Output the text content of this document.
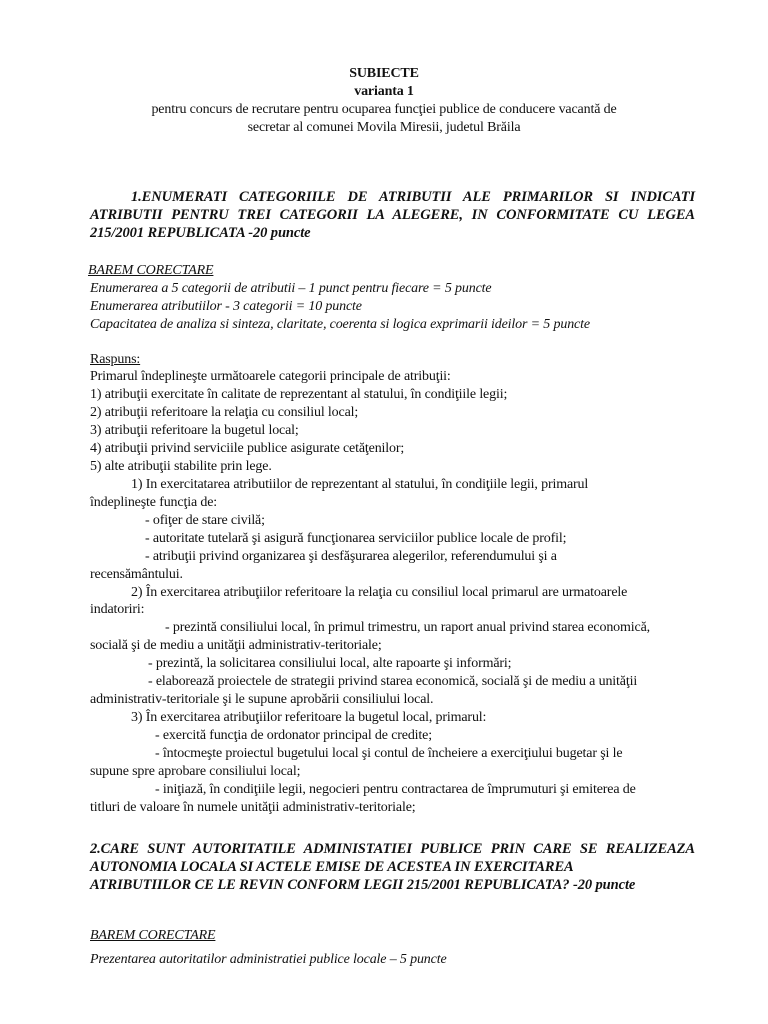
SUBIECTE
varianta 1
pentru concurs de recrutare pentru ocuparea funcţiei publice de conducere vacantă de
secretar al comunei Movila Miresii, judetul Brăila
1.ENUMERATI CATEGORIILE DE ATRIBUTII ALE PRIMARILOR SI INDICATI
ATRIBUTII PENTRU TREI CATEGORII LA ALEGERE, IN CONFORMITATE CU LEGEA
215/2001 REPUBLICATA -20 puncte
BAREM CORECTARE
Enumerarea a 5 categorii de atributii – 1 punct pentru fiecare = 5 puncte
Enumerarea atributiilor - 3 categorii = 10 puncte
Capacitatea de analiza si sinteza, claritate, coerenta si logica exprimarii ideilor = 5 puncte
Raspuns:
Primarul îndeplineşte următoarele categorii principale de atribuţii:
1) atribuţii exercitate în calitate de reprezentant al statului, în condiţiile legii;
2) atribuţii referitoare la relaţia cu consiliul local;
3) atribuţii referitoare la bugetul local;
4) atribuţii privind serviciile publice asigurate cetăţenilor;
5) alte atribuţii stabilite prin lege.
1) In exercitatarea atributiilor de reprezentant al statului, în condiţiile legii, primarul
îndeplineşte funcţia de:
- ofiţer de stare civilă;
- autoritate tutelară şi asigură funcţionarea serviciilor publice locale de profil;
- atribuţii privind organizarea şi desfăşurarea alegerilor, referendumului şi a
recensământului.
2) În exercitarea atribuţiilor referitoare la relaţia cu consiliul local primarul are urmatoarele
indatoriri:
- prezintă consiliului local, în primul trimestru, un raport anual privind starea economică,
socială şi de mediu a unităţii administrativ-teritoriale;
- prezintă, la solicitarea consiliului local, alte rapoarte şi informări;
- elaborează proiectele de strategii privind starea economică, socială şi de mediu a unităţii
administrativ-teritoriale şi le supune aprobării consiliului local.
3) În exercitarea atribuţiilor referitoare la bugetul local, primarul:
- exercită funcţia de ordonator principal de credite;
- întocmeşte proiectul bugetului local şi contul de încheiere a exerciţiului bugetar şi le
supune spre aprobare consiliului local;
- iniţiază, în condiţiile legii, negocieri pentru contractarea de împrumuturi şi emiterea de
titluri de valoare în numele unităţii administrativ-teritoriale;
2.CARE SUNT AUTORITATILE ADMINISTATIEI PUBLICE PRIN CARE SE REALIZEAZA
AUTONOMIA LOCALA SI ACTELE EMISE DE ACESTEA IN EXERCITAREA
ATRIBUTIILOR CE LE REVIN CONFORM LEGII 215/2001 REPUBLICATA? -20 puncte
BAREM CORECTARE
Prezentarea autoritatilor administratiei publice locale – 5 puncte
